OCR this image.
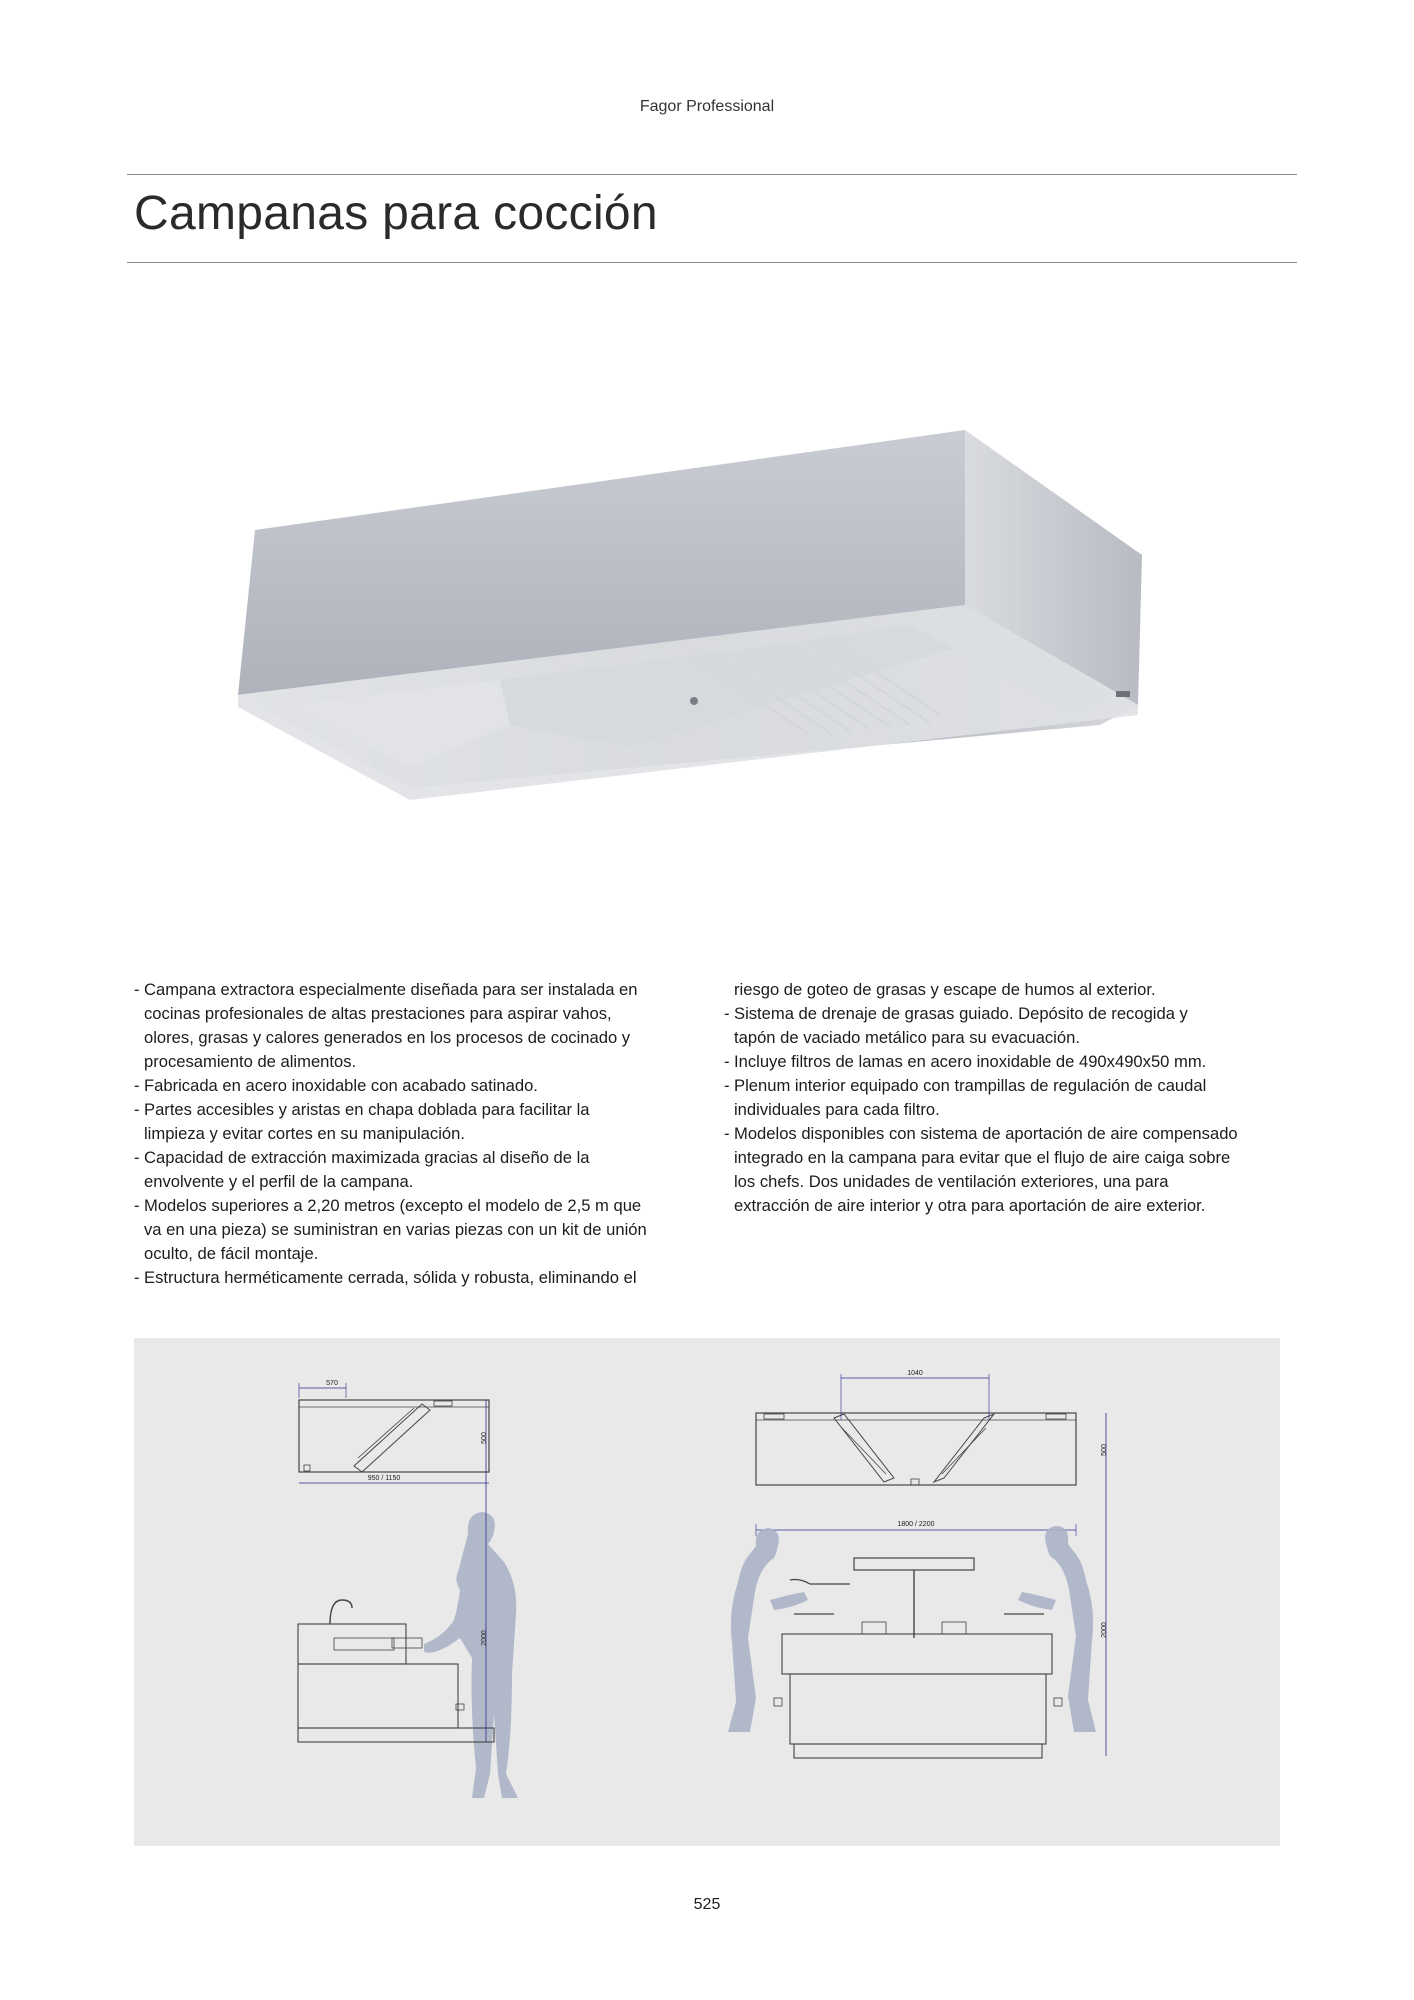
Fagor Professional
Campanas para cocción
- Campana extractora especialmente diseñada para ser instalada en
cocinas profesionales de altas prestaciones para aspirar vahos,
olores, grasas y calores generados en los procesos de cocinado y
procesamiento de alimentos.
- Fabricada en acero inoxidable con acabado satinado.
- Partes accesibles y aristas en chapa doblada para facilitar la
limpieza y evitar cortes en su manipulación.
- Capacidad de extracción maximizada gracias al diseño de la
envolvente y el perfil de la campana.
- Modelos superiores a 2,20 metros (excepto el modelo de 2,5 m que
va en una pieza) se suministran en varias piezas con un kit de unión
oculto, de fácil montaje.
- Estructura herméticamente cerrada, sólida y robusta, eliminando el
riesgo de goteo de grasas y escape de humos al exterior.
- Sistema de drenaje de grasas guiado. Depósito de recogida y
tapón de vaciado metálico para su evacuación.
- Incluye filtros de lamas en acero inoxidable de 490x490x50 mm.
- Plenum interior equipado con trampillas de regulación de caudal
individuales para cada filtro.
- Modelos disponibles con sistema de aportación de aire compensado
integrado en la campana para evitar que el flujo de aire caiga sobre
los chefs. Dos unidades de ventilación exteriores, una para
extracción de aire interior y otra para aportación de aire exterior.
570
500
950 / 1150
2000
1040
500
1800 / 2200
2000
525
